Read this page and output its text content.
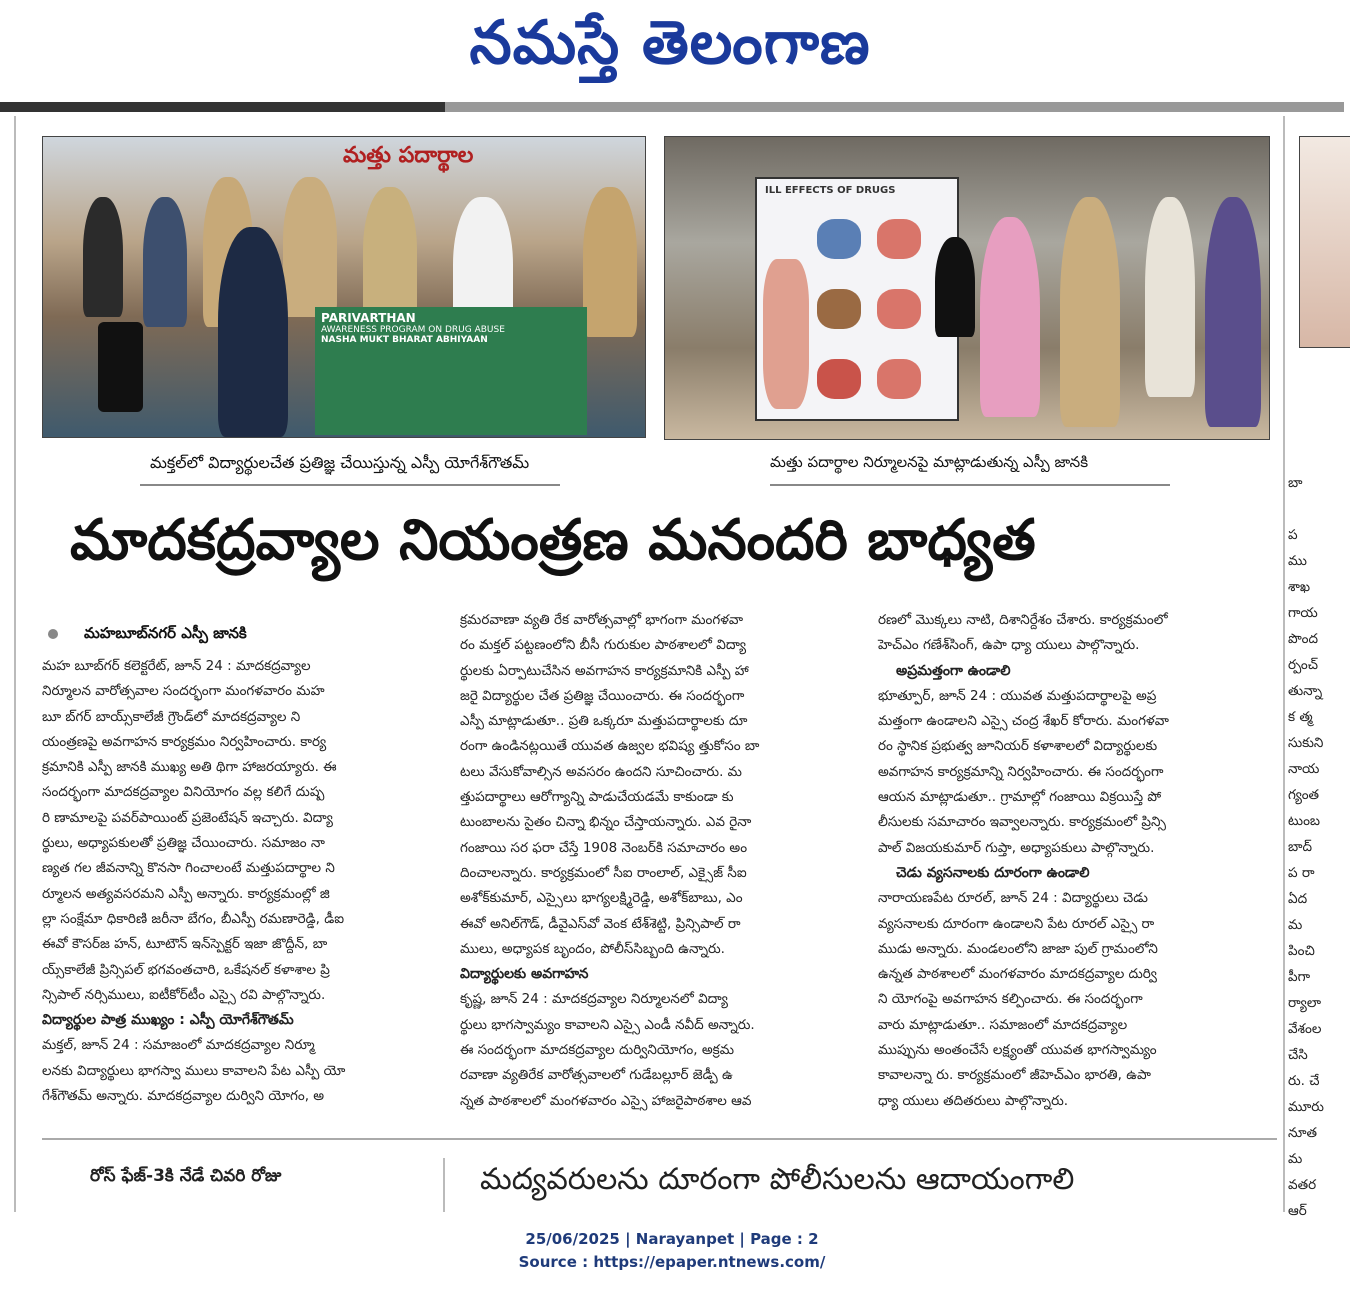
నమస్తే తెలంగాణ
మత్తు పదార్థాల
PARIVARTHAN
AWARENESS PROGRAM ON DRUG ABUSE
NASHA MUKT BHARAT ABHIYAAN
ILL EFFECTS OF DRUGS
మక్తల్‌లో విద్యార్థులచేత ప్రతిజ్ఞ చేయిస్తున్న ఎస్పీ యోగేశ్‌గౌతమ్	మత్తు పదార్థాల నిర్మూలనపై మాట్లాడుతున్న ఎస్పీ జానకి
మాదకద్రవ్యాల నియంత్రణ మనందరి బాధ్యత
మహబూబ్‌నగర్ ఎస్పీ జానకి

మహ బూబ్‌గర్ కలెక్టరేట్, జూన్ 24 : మాదకద్రవ్యాల

నిర్మూలన వారోత్సవాల సందర్భంగా మంగళవారం మహ

బూ బ్‌గర్ బాయ్స్‌కాలేజీ గ్రౌండ్‌లో మాదకద్రవ్యాల ని

యంత్రణపై అవగాహన కార్యక్రమం నిర్వహించారు. కార్య

క్రమానికి ఎస్పీ జానకి ముఖ్య అతి థిగా హాజరయ్యారు. ఈ

సందర్భంగా మాదకద్రవ్యాల వినియోగం వల్ల కలిగే దుష్ప

రి ణామాలపై పవర్‌పాయింట్ ప్రజెంటేషన్ ఇచ్చారు. విద్యా

ర్థులు, అధ్యాపకులతో ప్రతిజ్ఞ చేయించారు. సమాజం నా

ణ్యత గల జీవనాన్ని కొనసా గించాలంటే మత్తుపదార్థాల ని

ర్మూలన అత్యవసరమని ఎస్పీ అన్నారు. కార్యక్రమంల్లో జి

ల్లా సంక్షేమా ధికారిణి జరీనా బేగం, బీఎస్పీ రమణారెడ్డి, డీఐ

ఈవో కౌసర్‌జ హన్, టూటౌన్ ఇన్‌స్పెక్టర్ ఇజా జొద్దీన్, బా

య్స్‌కాలేజీ ప్రిన్సిపల్ భగవంతచారి, ఒకేషనల్ కళాశాల ప్రి

న్సిపాల్ నర్సిములు, ఐటీకోర్‌టీం ఎస్సై రవి పాల్గొన్నారు.

విద్యార్థుల పాత్ర ముఖ్యం : ఎస్పీ యోగేశ్‌గౌతమ్

మక్తల్, జూన్ 24 : సమాజంలో మాదకద్రవ్యాల నిర్మూ

లనకు విద్యార్థులు భాగస్వా ములు కావాలని పేట ఎస్పీ యో

గేశ్‌గౌతమ్ అన్నారు. మాదకద్రవ్యాల దుర్విని యోగం, అ

క్రమరవాణా వ్యతి రేక వారోత్సవాల్లో భాగంగా మంగళవా

రం మక్తల్ పట్టణంలోని బీసీ గురుకుల పాఠశాలలో విద్యా

ర్థులకు ఏర్పాటుచేసిన అవగాహన కార్యక్రమానికి ఎస్పీ హా

జరై విద్యార్థుల చేత ప్రతిజ్ఞ చేయించారు. ఈ సందర్భంగా

ఎస్పీ మాట్లాడుతూ.. ప్రతి ఒక్కరూ మత్తుపదార్థాలకు దూ

రంగా ఉండినట్లయితే యువత ఉజ్వల భవిష్య త్తుకోసం బా

టలు వేసుకోవాల్సిన అవసరం ఉందని సూచించారు. మ

త్తుపదార్థాలు ఆరోగ్యాన్ని పాడుచేయడమే కాకుండా కు

టుంబాలను సైతం చిన్నా భిన్నం చేస్తాయన్నారు. ఎవ రైనా

గంజాయి సర ఫరా చేస్తే 1908 నెంబర్‌కి సమాచారం అం

దించాలన్నారు. కార్యక్రమంలో సీఐ రాంలాల్, ఎక్సైజ్ సీఐ

అశోక్‌కుమార్, ఎస్సైలు భాగ్యలక్ష్మిరెడ్డి, అశోక్‌బాబు, ఎం

ఈవో అనిల్‌గౌడ్, డీవైఎస్‌వో వెంక టేశ్‌శెట్టి, ప్రిన్సిపాల్ రా

ములు, అధ్యాపక బృందం, పోలీస్‌సిబ్బంది ఉన్నారు.

విద్యార్థులకు అవగాహన

కృష్ణ, జూన్ 24 : మాదకద్రవ్యాల నిర్మూలనలో విద్యా

ర్థులు భాగస్వామ్యం కావాలని ఎస్సై ఎండీ నవీద్ అన్నారు.

ఈ సందర్భంగా మాదకద్రవ్యాల దుర్వినియోగం, అక్రమ

రవాణా వ్యతిరేక వారోత్సవాలలో గుడేబల్లూర్ జెడ్పీ ఉ

న్నత పాఠశాలలో మంగళవారం ఎస్సై హాజరైపాఠశాల ఆవ

రణలో మొక్కలు నాటి, దిశానిర్దేశం చేశారు. కార్యక్రమంలో

హెచ్‌ఎం గణేశ్‌సింగ్, ఉపా ధ్యా యులు పాల్గొన్నారు.

అప్రమత్తంగా ఉండాలి

భూత్పూర్, జూన్ 24 : యువత మత్తుపదార్థాలపై అప్ర

మత్తంగా ఉండాలని ఎస్సై చంద్ర శేఖర్ కోరారు. మంగళవా

రం స్థానిక ప్రభుత్వ జూనియర్ కళాశాలలో విద్యార్థులకు

అవగాహన కార్యక్రమాన్ని నిర్వహించారు. ఈ సందర్భంగా

ఆయన మాట్లాడుతూ.. గ్రామాల్లో గంజాయి విక్రయిస్తే పో

లీసులకు సమాచారం ఇవ్వాలన్నారు. కార్యక్రమంలో ప్రిన్సి

పాల్ విజయకుమార్ గుప్తా, అధ్యాపకులు పాల్గొన్నారు.

చెడు వ్యసనాలకు దూరంగా ఉండాలి

నారాయణపేట రూరల్, జూన్ 24 : విద్యార్థులు చెడు

వ్యసనాలకు దూరంగా ఉండాలని పేట రూరల్ ఎస్సై రా

ముడు అన్నారు. మండలంలోని జాజా పుల్ గ్రామంలోని

ఉన్నత పాఠశాలలో మంగళవారం మాదకద్రవ్యాల దుర్వి

ని యోగంపై అవగాహన కల్పించారు. ఈ సందర్భంగా

వారు మాట్లాడుతూ.. సమాజంలో మాదకద్రవ్యాల

ముప్పును అంతంచేసే లక్ష్యంతో యువత భాగస్వామ్యం

కావాలన్నా రు. కార్యక్రమంలో జీహెచ్‌ఎం భారతి, ఉపా

ధ్యా యులు తదితరులు పాల్గొన్నారు.

బా

ప
ము
శాఖ
గాయ
పొంద
ర్పంచ్
తున్నా
క త్మ
సుకుని
నాయ
గ్యంత
టుంబ
బాద్‌
ప రా
ఏద
మ
పించి
పీగా
ర్యాలా
వేశంల
చేసి
రు. చే
మూరు
నూత
మ
వతర
ఆర్
రోస్ ఫేజ్-3కి నేడే చివరి రోజు	మద్యవరులను దూరంగా పోలీసులను ఆదాయంగాలి
25/06/2025 | Narayanpet | Page : 2
Source : https://epaper.ntnews.com/
